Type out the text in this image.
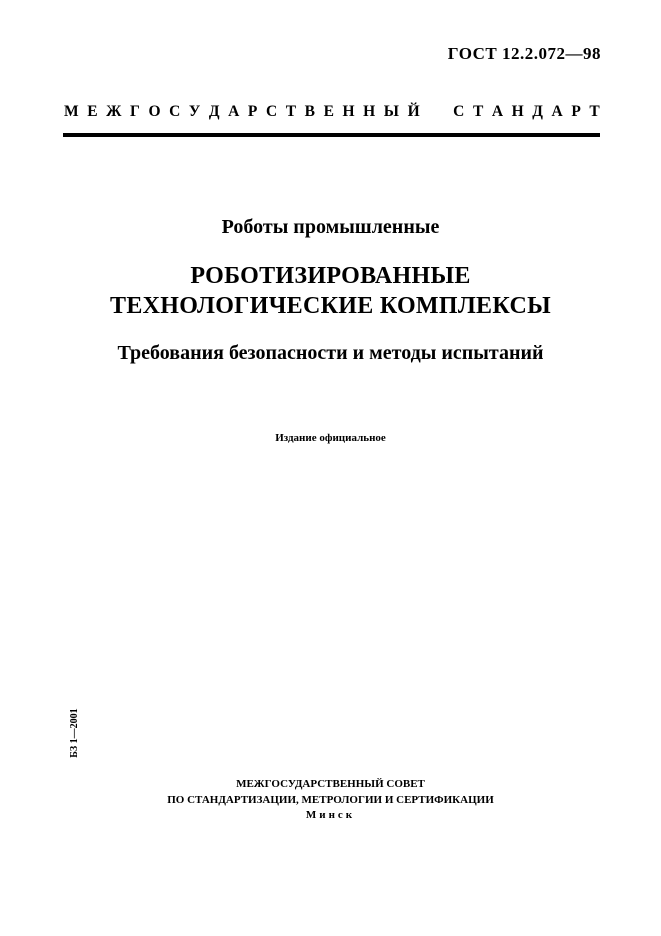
ГОСТ 12.2.072—98
М Е Ж Г О С У Д А Р С Т В Е Н Н Ы Й

С Т А Н Д А Р Т
Роботы промышленные
РОБОТИЗИРОВАННЫЕ
ТЕХНОЛОГИЧЕСКИЕ КОМПЛЕКСЫ
Требования безопасности и методы испытаний
Издание официальное
БЗ 1—2001
МЕЖГОСУДАРСТВЕННЫЙ СОВЕТ
ПО СТАНДАРТИЗАЦИИ, МЕТРОЛОГИИ И СЕРТИФИКАЦИИ
Минск
